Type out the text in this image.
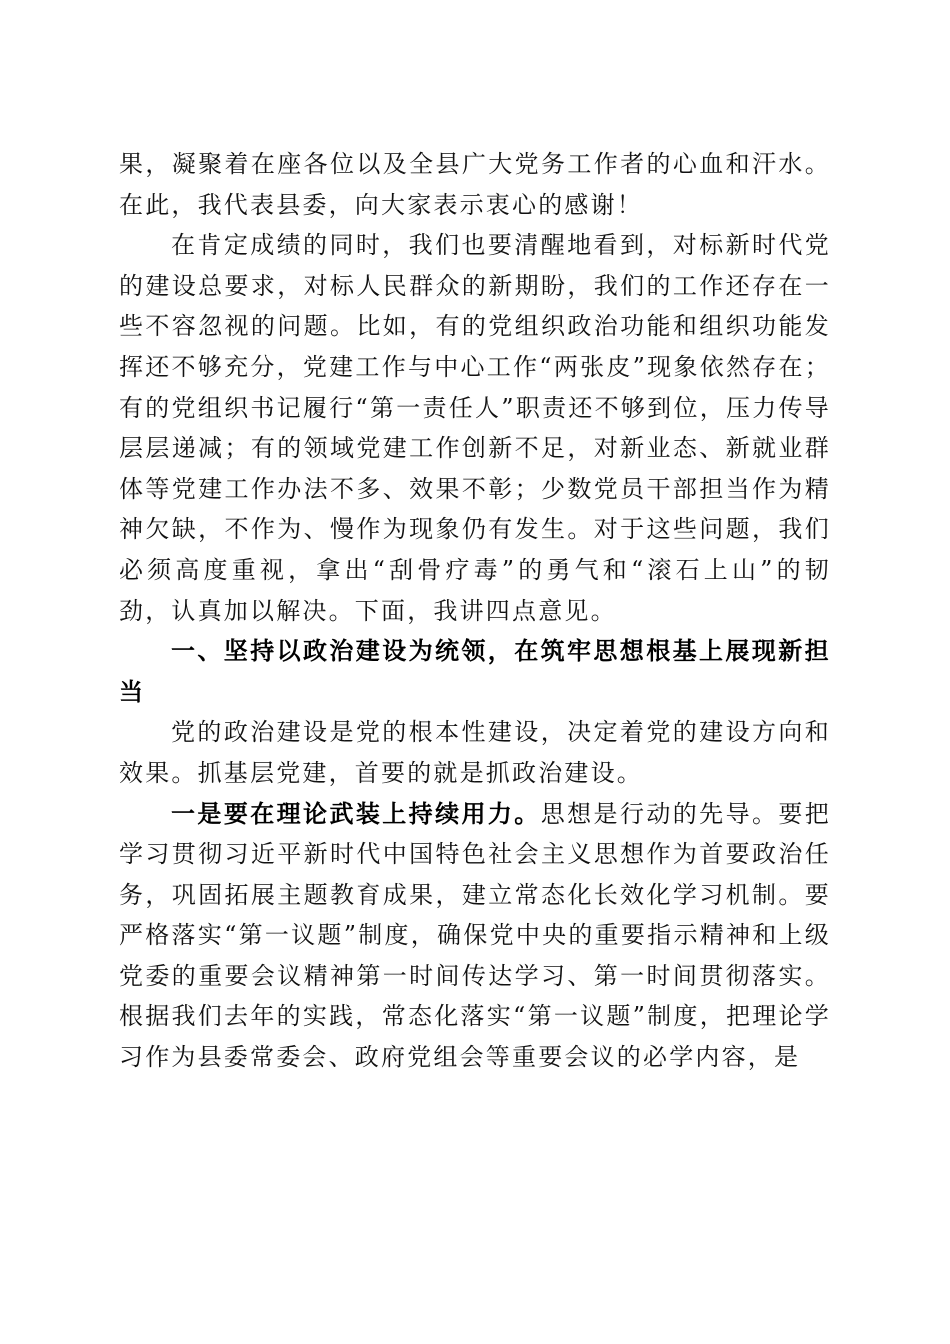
果，凝聚着在座各位以及全县广大党务工作者的心血和汗水。在此，我代表县委，向大家表示衷心的感谢！

在肯定成绩的同时，我们也要清醒地看到，对标新时代党的建设总要求，对标人民群众的新期盼，我们的工作还存在一些不容忽视的问题。比如，有的党组织政治功能和组织功能发挥还不够充分，党建工作与中心工作“两张皮”现象依然存在；有的党组织书记履行“第一责任人”职责还不够到位，压力传导层层递减；有的领域党建工作创新不足，对新业态、新就业群体等党建工作办法不多、效果不彰；少数党员干部担当作为精神欠缺，不作为、慢作为现象仍有发生。对于这些问题，我们必须高度重视，拿出“刮骨疗毒”的勇气和“滚石上山”的韧劲，认真加以解决。下面，我讲四点意见。

一、坚持以政治建设为统领，在筑牢思想根基上展现新担当

党的政治建设是党的根本性建设，决定着党的建设方向和效果。抓基层党建，首要的就是抓政治建设。

一是要在理论武装上持续用力。思想是行动的先导。要把学习贯彻习近平新时代中国特色社会主义思想作为首要政治任务，巩固拓展主题教育成果，建立常态化长效化学习机制。要严格落实“第一议题”制度，确保党中央的重要指示精神和上级党委的重要会议精神第一时间传达学习、第一时间贯彻落实。根据我们去年的实践，常态化落实“第一议题”制度，把理论学习作为县委常委会、政府党组会等重要会议的必学内容，是
